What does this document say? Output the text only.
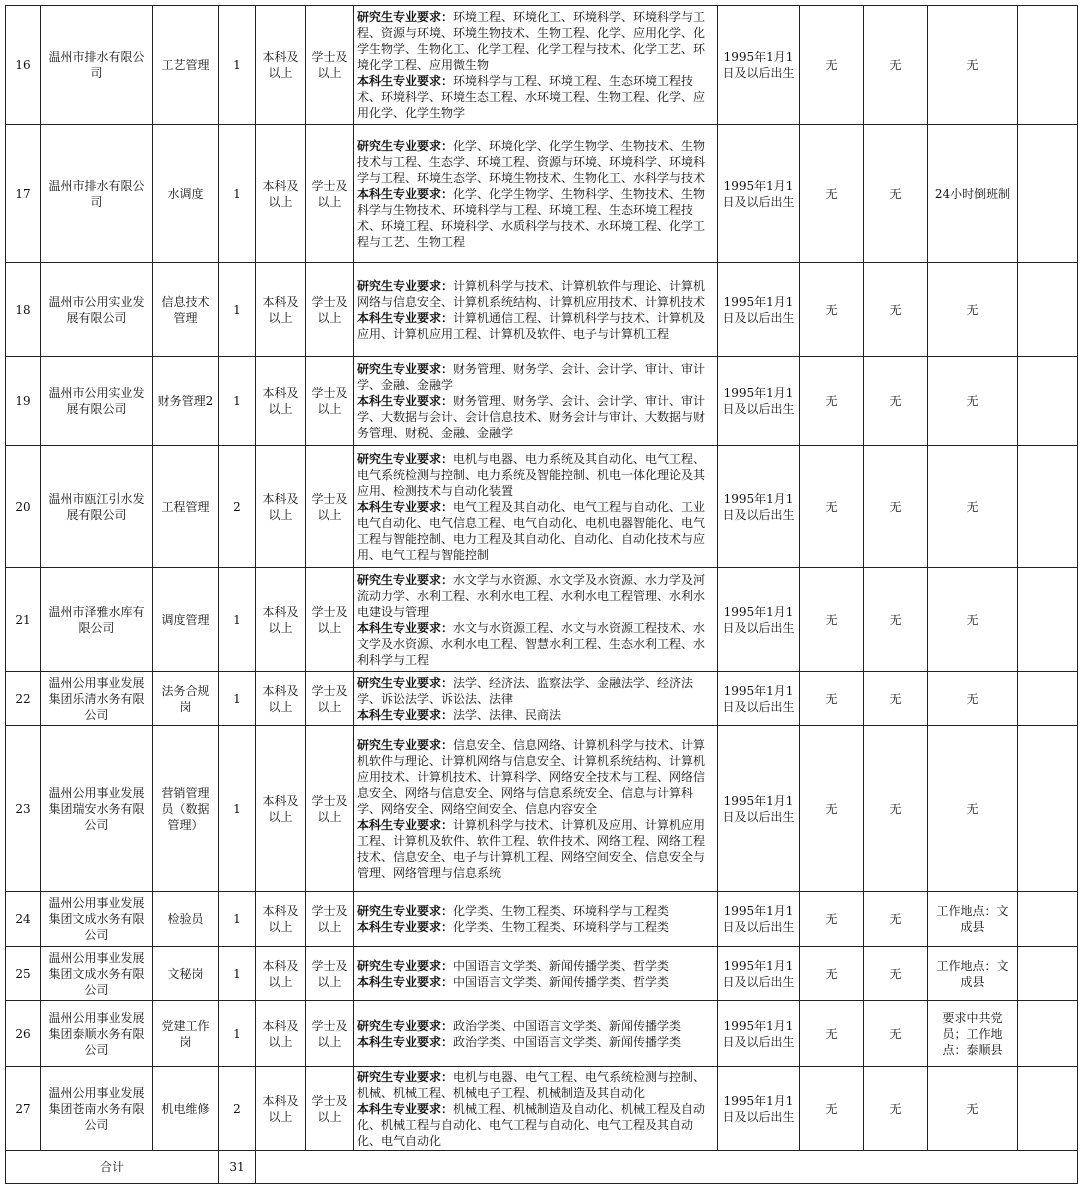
16	温州市排水有限公司	工艺管理	1	本科及以上	学士及以上	研究生专业要求：环境工程、环境化工、环境科学、环境科学与工程、资源与环境、环境生物技术、生物工程、化学、应用化学、化学生物学、生物化工、化学工程、化学工程与技术、化学工艺、环境化学工程、应用微生物
本科生专业要求：环境科学与工程、环境工程、生态环境工程技术、环境科学、环境生态工程、水环境工程、生物工程、化学、应用化学、化学生物学	1995年1月1日及以后出生	无	无	无	
17	温州市排水有限公司	水调度	1	本科及以上	学士及以上	研究生专业要求：化学、环境化学、化学生物学、生物技术、生物技术与工程、生态学、环境工程、资源与环境、环境科学、环境科学与工程、环境生态学、环境生物技术、生物化工、水科学与技术
本科生专业要求：化学、化学生物学、生物科学、生物技术、生物科学与生物技术、环境科学与工程、环境工程、生态环境工程技术、环境工程、环境科学、水质科学与技术、水环境工程、化学工程与工艺、生物工程	1995年1月1日及以后出生	无	无	24小时倒班制	
18	温州市公用实业发展有限公司	信息技术管理	1	本科及以上	学士及以上	研究生专业要求：计算机科学与技术、计算机软件与理论、计算机网络与信息安全、计算机系统结构、计算机应用技术、计算机技术
本科生专业要求：计算机通信工程、计算机科学与技术、计算机及应用、计算机应用工程、计算机及软件、电子与计算机工程	1995年1月1日及以后出生	无	无	无	
19	温州市公用实业发展有限公司	财务管理2	1	本科及以上	学士及以上	研究生专业要求：财务管理、财务学、会计、会计学、审计、审计学、金融、金融学
本科生专业要求：财务管理、财务学、会计、会计学、审计、审计学、大数据与会计、会计信息技术、财务会计与审计、大数据与财务管理、财税、金融、金融学	1995年1月1日及以后出生	无	无	无	
20	温州市瓯江引水发展有限公司	工程管理	2	本科及以上	学士及以上	研究生专业要求：电机与电器、电力系统及其自动化、电气工程、电气系统检测与控制、电力系统及智能控制、机电一体化理论及其应用、检测技术与自动化装置
本科生专业要求：电气工程及其自动化、电气工程与自动化、工业电气自动化、电气信息工程、电气自动化、电机电器智能化、电气工程与智能控制、电力工程及其自动化、自动化、自动化技术与应用、电气工程与智能控制	1995年1月1日及以后出生	无	无	无	
21	温州市泽雅水库有限公司	调度管理	1	本科及以上	学士及以上	研究生专业要求：水文学与水资源、水文学及水资源、水力学及河流动力学、水利工程、水利水电工程、水利水电工程管理、水利水电建设与管理
本科生专业要求：水文与水资源工程、水文与水资源工程技术、水文学及水资源、水利水电工程、智慧水利工程、生态水利工程、水利科学与工程	1995年1月1日及以后出生	无	无	无	
22	温州公用事业发展集团乐清水务有限公司	法务合规岗	1	本科及以上	学士及以上	研究生专业要求：法学、经济法、监察法学、金融法学、经济法学、诉讼法学、诉讼法、法律
本科生专业要求：法学、法律、民商法	1995年1月1日及以后出生	无	无	无	
23	温州公用事业发展集团瑞安水务有限公司	营销管理员（数据管理）	1	本科及以上	学士及以上	研究生专业要求：信息安全、信息网络、计算机科学与技术、计算机软件与理论、计算机网络与信息安全、计算机系统结构、计算机应用技术、计算机技术、计算科学、网络安全技术与工程、网络信息安全、网络与信息安全、网络与信息系统安全、信息与计算科学、网络安全、网络空间安全、信息内容安全
本科生专业要求：计算机科学与技术、计算机及应用、计算机应用工程、计算机及软件、软件工程、软件技术、网络工程、网络工程技术、信息安全、电子与计算机工程、网络空间安全、信息安全与管理、网络管理与信息系统	1995年1月1日及以后出生	无	无	无	
24	温州公用事业发展集团文成水务有限公司	检验员	1	本科及以上	学士及以上	研究生专业要求：化学类、生物工程类、环境科学与工程类
本科生专业要求：化学类、生物工程类、环境科学与工程类	1995年1月1日及以后出生	无	无	工作地点：文成县	
25	温州公用事业发展集团文成水务有限公司	文秘岗	1	本科及以上	学士及以上	研究生专业要求：中国语言文学类、新闻传播学类、哲学类
本科生专业要求：中国语言文学类、新闻传播学类、哲学类	1995年1月1日及以后出生	无	无	工作地点：文成县	
26	温州公用事业发展集团泰顺水务有限公司	党建工作岗	1	本科及以上	学士及以上	研究生专业要求：政治学类、中国语言文学类、新闻传播学类
本科生专业要求：政治学类、中国语言文学类、新闻传播学类	1995年1月1日及以后出生	无	无	要求中共党员；工作地点：泰顺县	
27	温州公用事业发展集团苍南水务有限公司	机电维修	2	本科及以上	学士及以上	研究生专业要求：电机与电器、电气工程、电气系统检测与控制、机械、机械工程、机械电子工程、机械制造及其自动化
本科生专业要求：机械工程、机械制造及自动化、机械工程及自动化、机械工程与自动化、电气工程与自动化、电气工程及其自动化、电气自动化	1995年1月1日及以后出生	无	无	无	
合计			31								
